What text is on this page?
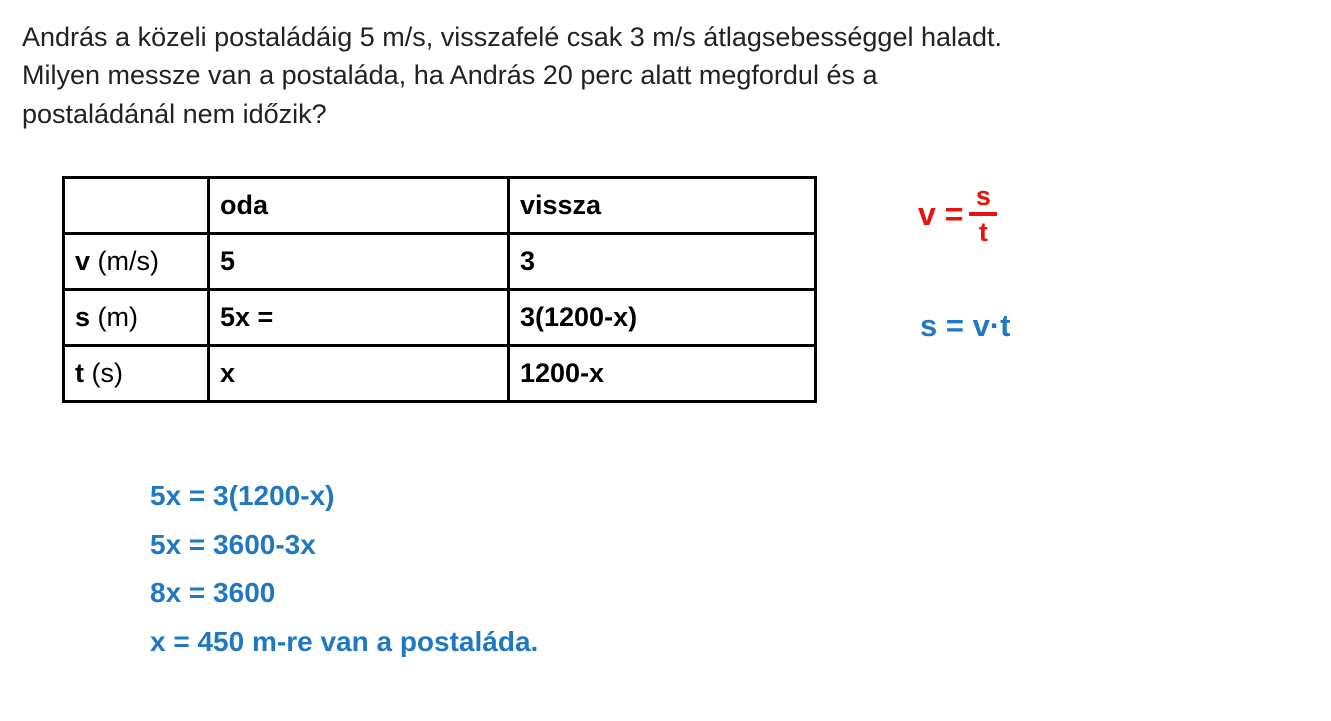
András a közeli postaládáig 5 m/s, visszafelé csak 3 m/s átlagsebességgel haladt.
Milyen messze van a postaláda, ha András 20 perc alatt megfordul és a
postaládánál nem időzik?
	oda	vissza
v (m/s)	5	3
s (m)	5x =	3(1200-x)
t (s)	x	1200-x
$v = \frac{s}{t}$
s = v·t
5x = 3(1200-x)
5x = 3600-3x
8x = 3600
x = 450 m-re van a postaláda.
